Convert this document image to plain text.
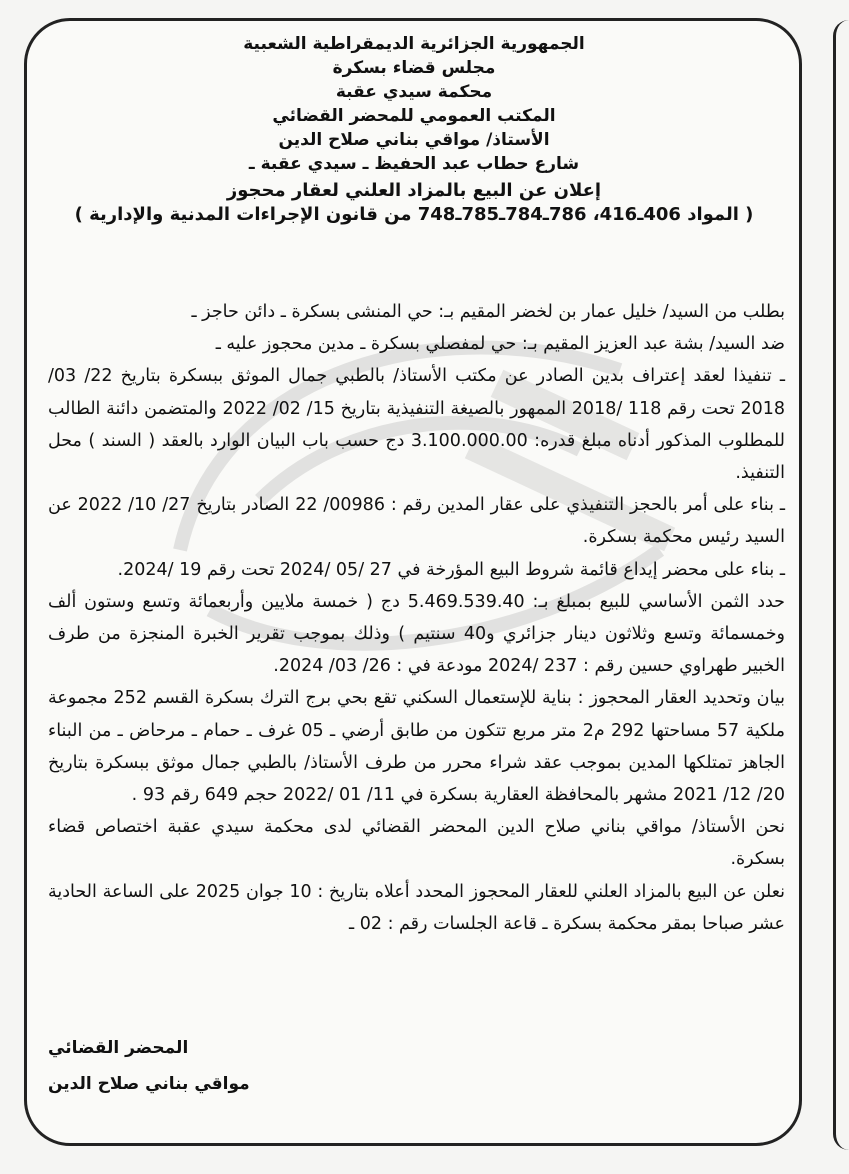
الجمهورية الجزائرية الديمقراطية الشعبية
مجلس قضاء بسكرة
محكمة سيدي عقبة
المكتب العمومي للمحضر القضائي
الأستاذ/ مواقي بناني صلاح الدين
شارع حطاب عبد الحفيظ ـ سيدي عقبة ـ
إعلان عن البيع بالمزاد العلني لعقار محجوز
( المواد 406ـ416، 786ـ784ـ785ـ748 من قانون الإجراءات المدنية والإدارية )

بطلب من السيد/ خليل عمار بن لخضر المقيم بـ: حي المنشى بسكرة ـ دائن حاجز ـ

ضد السيد/ بشة عبد العزيز المقيم بـ: حي لمفصلي بسكرة ـ مدين محجوز عليه ـ

ـ تنفيذا لعقد إعتراف بدين الصادر عن مكتب الأستاذ/ بالطبي جمال الموثق ببسكرة بتاريخ 22/ 03/ 2018 تحت رقم 118 /2018 الممهور بالصيغة التنفيذية بتاريخ 15/ 02/ 2022 والمتضمن دائنة الطالب للمطلوب المذكور أدناه مبلغ قدره: 3.100.000.00 دج حسب باب البيان الوارد بالعقد ( السند ) محل التنفيذ.

ـ بناء على أمر بالحجز التنفيذي على عقار المدين رقم : 00986/ 22 الصادر بتاريخ 27/ 10/ 2022 عن السيد رئيس محكمة بسكرة.

ـ بناء على محضر إيداع قائمة شروط البيع المؤرخة في 27 /05 /2024 تحت رقم 19 /2024.

حدد الثمن الأساسي للبيع بمبلغ بـ: 5.469.539.40 دج ( خمسة ملايين وأربعمائة وتسع وستون ألف وخمسمائة وتسع وثلاثون دينار جزائري و40 سنتيم ) وذلك بموجب تقرير الخبرة المنجزة من طرف الخبير طهراوي حسين رقم : 237 /2024 مودعة في : 26/ 03/ 2024.

بيان وتحديد العقار المحجوز : بناية للإستعمال السكني تقع بحي برج الترك بسكرة القسم 252 مجموعة ملكية 57 مساحتها 292 م2 متر مربع تتكون من طابق أرضي ـ 05 غرف ـ حمام ـ مرحاض ـ من البناء الجاهز تمتلكها المدين بموجب عقد شراء محرر من طرف الأستاذ/ بالطبي جمال موثق ببسكرة بتاريخ 20/ 12/ 2021 مشهر بالمحافظة العقارية بسكرة في 11/ 01 /2022 حجم 649 رقم 93 .

نحن الأستاذ/ مواقي بناني صلاح الدين المحضر القضائي لدى محكمة سيدي عقبة اختصاص قضاء بسكرة.

نعلن عن البيع بالمزاد العلني للعقار المحجوز المحدد أعلاه بتاريخ : 10 جوان 2025 على الساعة الحادية عشر صباحا بمقر محكمة بسكرة ـ قاعة الجلسات رقم : 02 ـ

المحضر القضائي
مواقي بناني صلاح الدين
